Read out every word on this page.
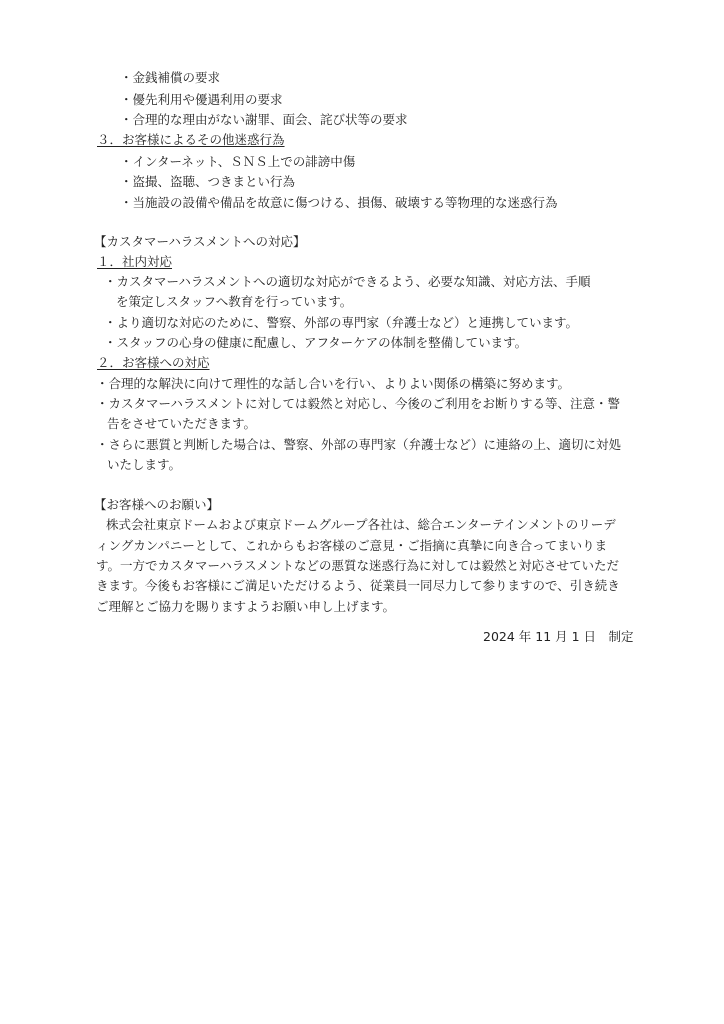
・金銭補償の要求
・優先利用や優遇利用の要求
・合理的な理由がない謝罪、面会、詫び状等の要求
３．お客様によるその他迷惑行為
・インターネット、ＳＮＳ上での誹謗中傷
・盗撮、盗聴、つきまとい行為
・当施設の設備や備品を故意に傷つける、損傷、破壊する等物理的な迷惑行為
【カスタマーハラスメントへの対応】
１．社内対応
・カスタマーハラスメントへの適切な対応ができるよう、必要な知識、対応方法、手順
を策定しスタッフへ教育を行っています。
・より適切な対応のために、警察、外部の専門家（弁護士など）と連携しています。
・スタッフの心身の健康に配慮し、アフターケアの体制を整備しています。
２．お客様への対応
・合理的な解決に向けて理性的な話し合いを行い、よりよい関係の構築に努めます。
・カスタマーハラスメントに対しては毅然と対応し、今後のご利用をお断りする等、注意・警
告をさせていただきます。
・さらに悪質と判断した場合は、警察、外部の専門家（弁護士など）に連絡の上、適切に対処
いたします。
【お客様へのお願い】
株式会社東京ドームおよび東京ドームグループ各社は、総合エンターテインメントのリーデ
ィングカンパニーとして、これからもお客様のご意見・ご指摘に真摯に向き合ってまいりま
す。一方でカスタマーハラスメントなどの悪質な迷惑行為に対しては毅然と対応させていただ
きます。今後もお客様にご満足いただけるよう、従業員一同尽力して参りますので、引き続き
ご理解とご協力を賜りますようお願い申し上げます。
2024 年 11 月 1 日　制定
